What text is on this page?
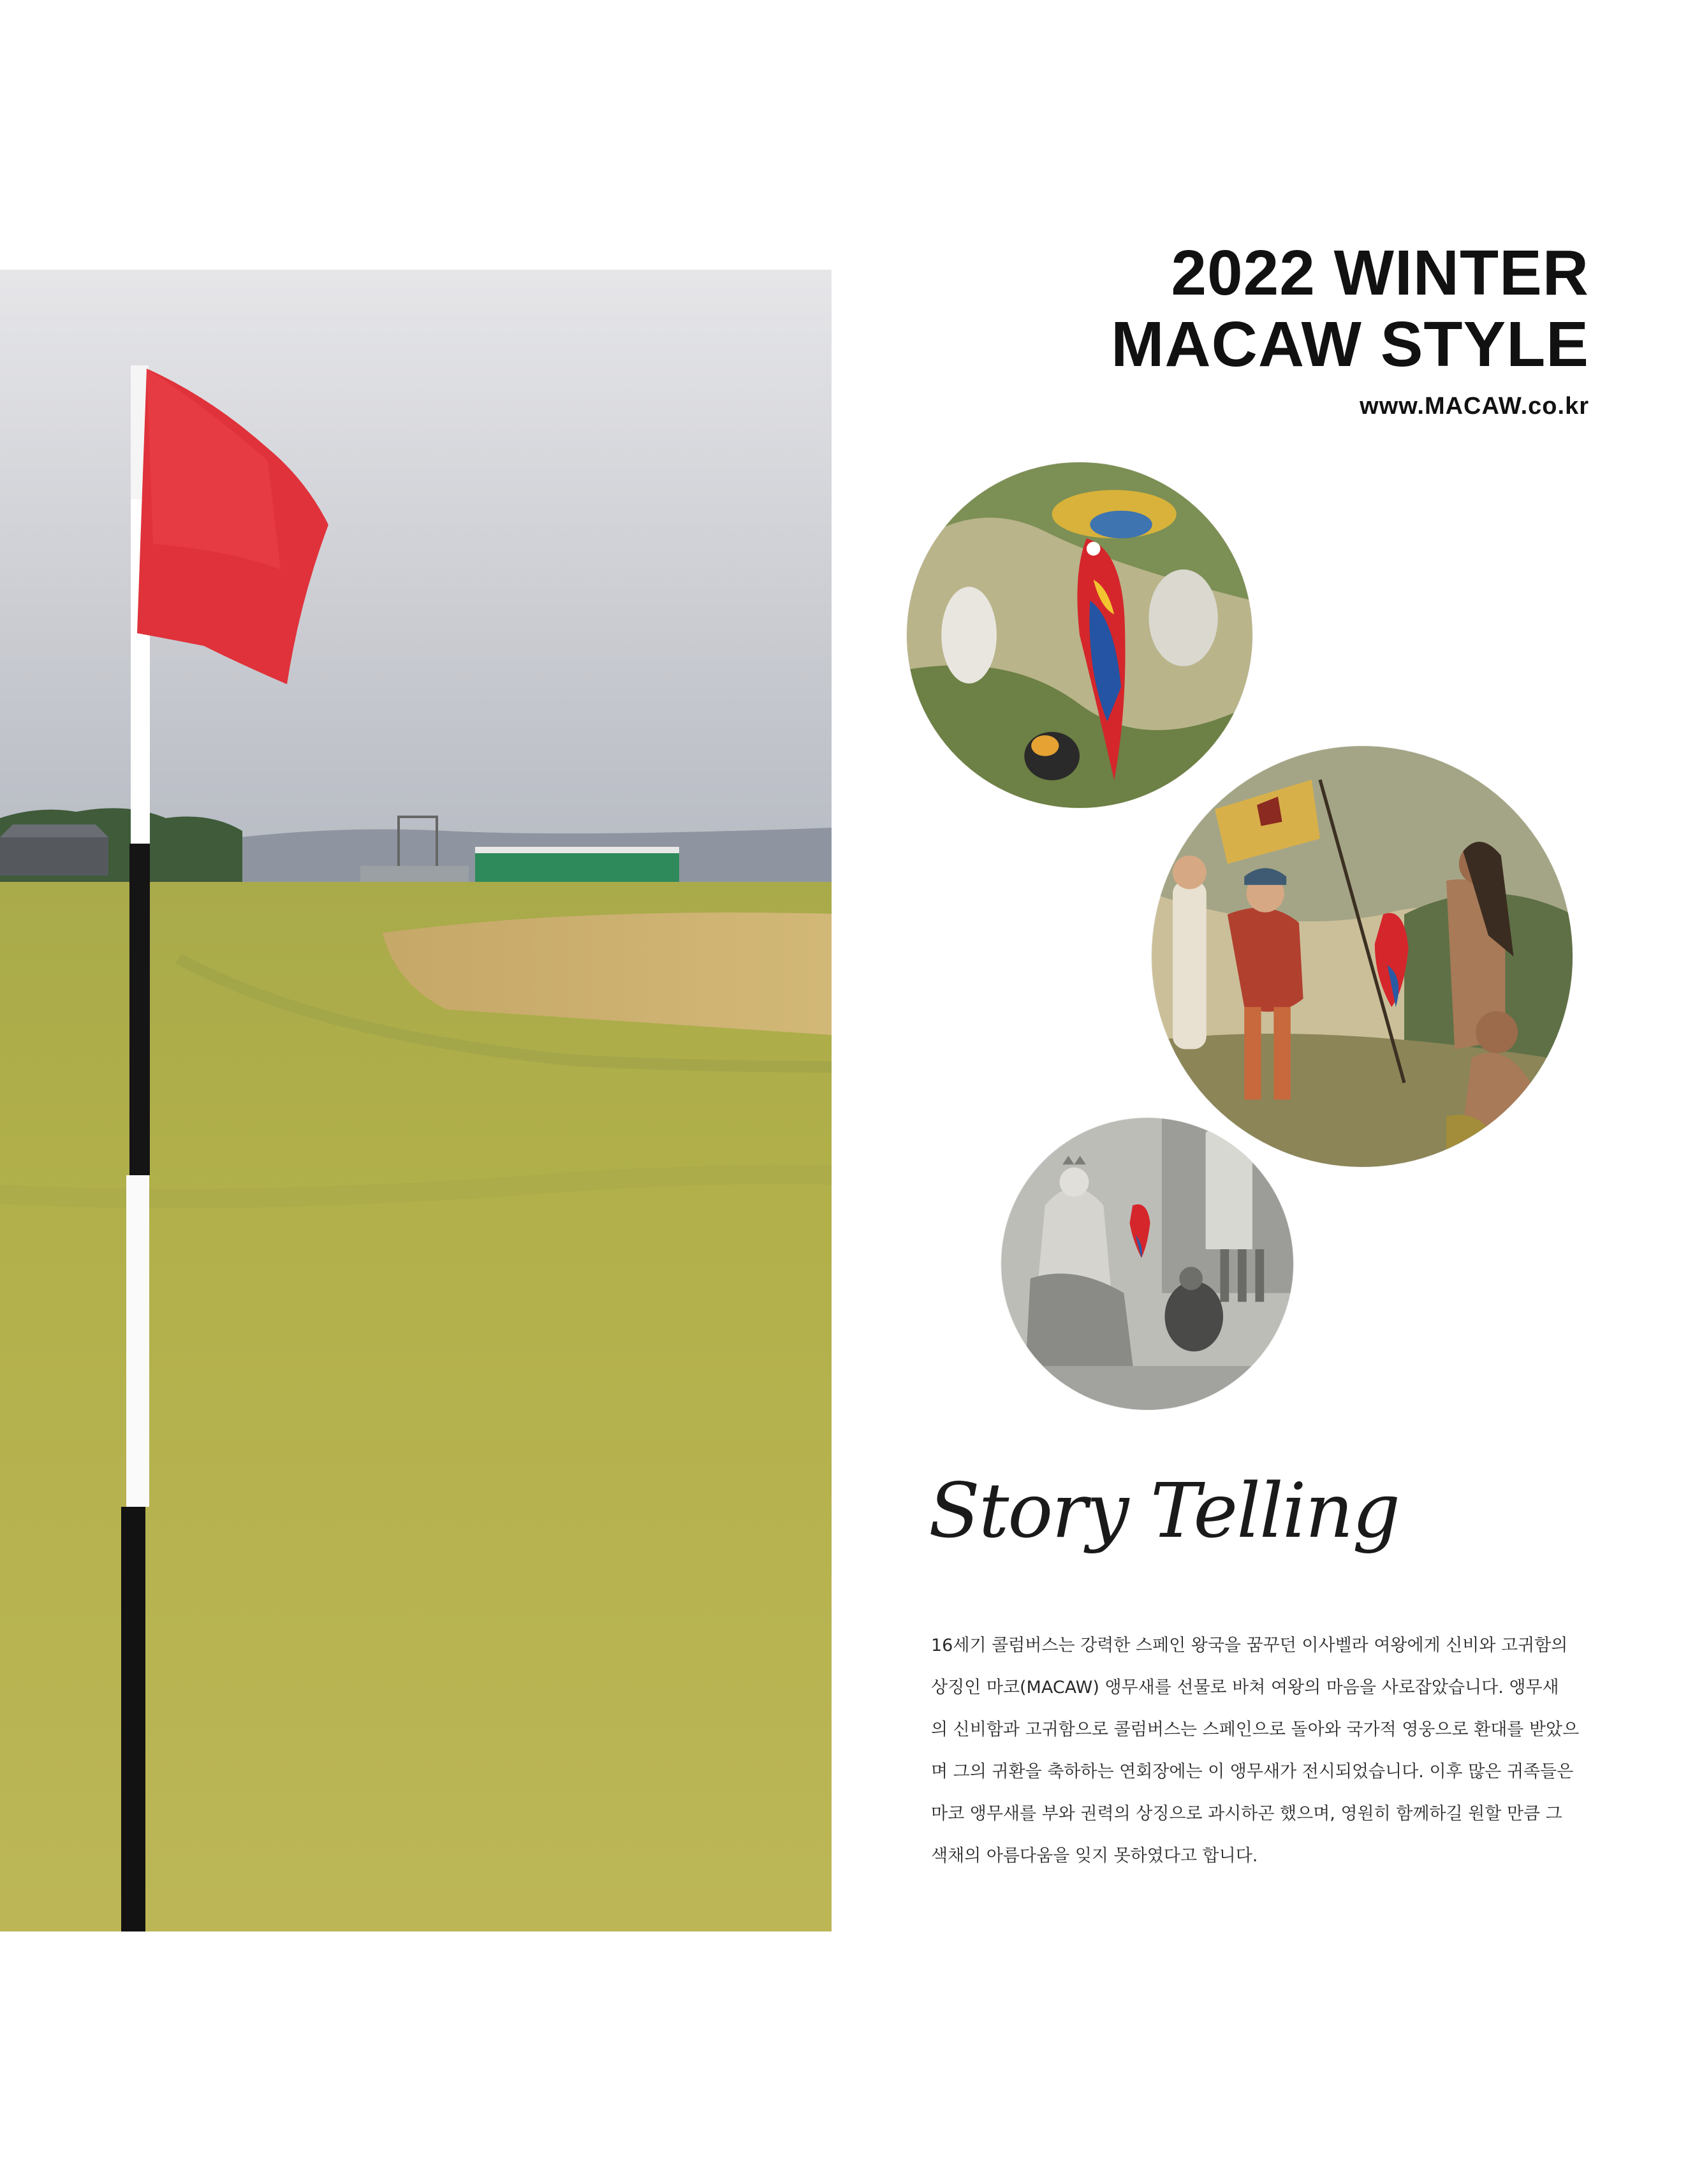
2022 WINTER
MACAW STYLE
www.MACAW.co.kr
Story Telling
16세기 콜럼버스는 강력한 스페인 왕국을 꿈꾸던 이사벨라 여왕에게 신비와 고귀함의
상징인 마코(MACAW) 앵무새를 선물로 바쳐 여왕의 마음을 사로잡았습니다. 앵무새
의 신비함과 고귀함으로 콜럼버스는 스페인으로 돌아와 국가적 영웅으로 환대를 받았으
며 그의 귀환을 축하하는 연회장에는 이 앵무새가 전시되었습니다. 이후 많은 귀족들은
마코 앵무새를 부와 권력의 상징으로 과시하곤 했으며, 영원히 함께하길 원할 만큼 그
색채의 아름다움을 잊지 못하였다고 합니다.
